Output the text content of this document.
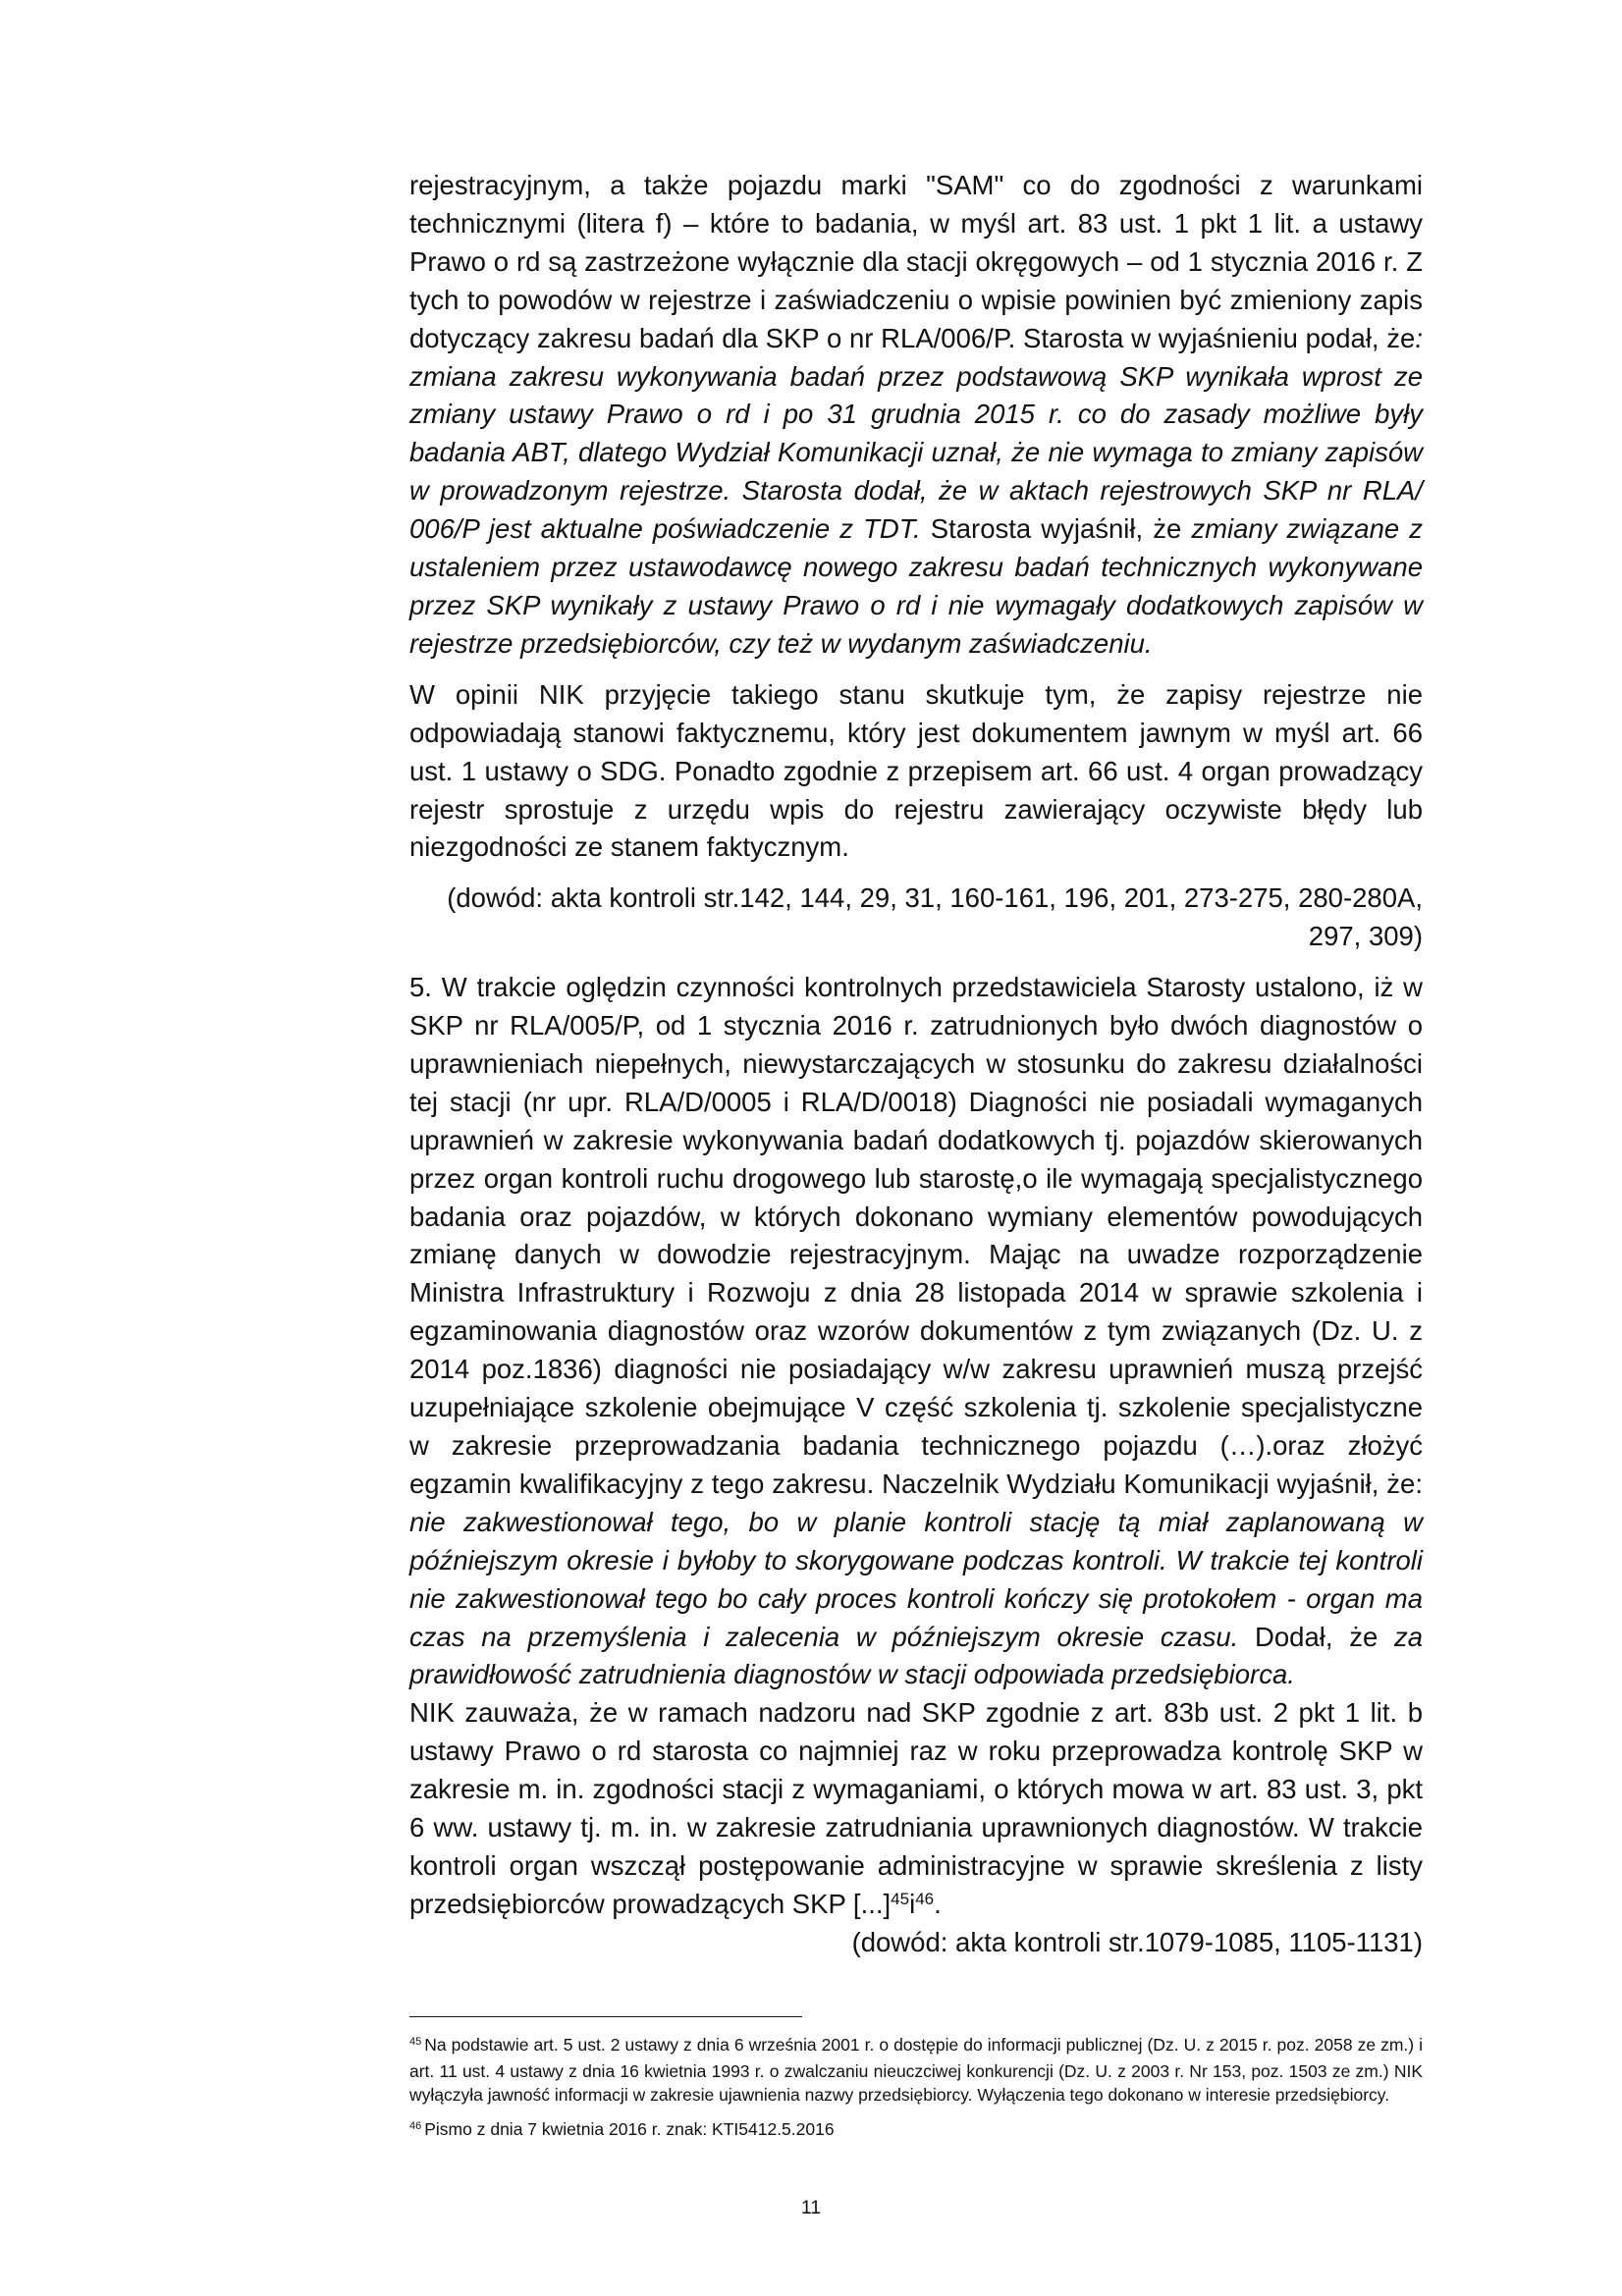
rejestracyjnym, a także pojazdu marki "SAM" co do zgodności z warunkami technicznymi (litera f) – które to badania, w myśl art. 83 ust. 1 pkt 1 lit. a ustawy Prawo o rd są zastrzeżone wyłącznie dla stacji okręgowych – od 1 stycznia 2016 r. Z tych to powodów w rejestrze i zaświadczeniu o wpisie powinien być zmieniony zapis dotyczący zakresu badań dla SKP o nr RLA/006/P. Starosta w wyjaśnieniu podał, że: zmiana zakresu wykonywania badań przez podstawową SKP wynikała wprost ze zmiany ustawy Prawo o rd i po 31 grudnia 2015 r. co do zasady możliwe były badania ABT, dlatego Wydział Komunikacji uznał, że nie wymaga to zmiany zapisów w prowadzonym rejestrze. Starosta dodał, że w aktach rejestrowych SKP nr RLA/ 006/P jest aktualne poświadczenie z TDT. Starosta wyjaśnił, że zmiany związane z ustaleniem przez ustawodawcę nowego zakresu badań technicznych wykonywane przez SKP wynikały z ustawy Prawo o rd i nie wymagały dodatkowych zapisów w rejestrze przedsiębiorców, czy też w wydanym zaświadczeniu.

W opinii NIK przyjęcie takiego stanu skutkuje tym, że zapisy rejestrze nie odpowiadają stanowi faktycznemu, który jest dokumentem jawnym w myśl art. 66 ust. 1 ustawy o SDG. Ponadto zgodnie z przepisem art. 66 ust. 4 organ prowadzący rejestr sprostuje z urzędu wpis do rejestru zawierający oczywiste błędy lub niezgodności ze stanem faktycznym.

(dowód: akta kontroli str.142, 144, 29, 31, 160-161, 196, 201, 273-275, 280-280A, 297, 309)

5. W trakcie oględzin czynności kontrolnych przedstawiciela Starosty ustalono, iż w SKP nr RLA/005/P, od 1 stycznia 2016 r. zatrudnionych było dwóch diagnostów o uprawnieniach niepełnych, niewystarczających w stosunku do zakresu działalności tej stacji (nr upr. RLA/D/0005 i RLA/D/0018) Diagności nie posiadali wymaganych uprawnień w zakresie wykonywania badań dodatkowych tj. pojazdów skierowanych przez organ kontroli ruchu drogowego lub starostę,o ile wymagają specjalistycznego badania oraz pojazdów, w których dokonano wymiany elementów powodujących zmianę danych w dowodzie rejestracyjnym. Mając na uwadze rozporządzenie Ministra Infrastruktury i Rozwoju z dnia 28 listopada 2014 w sprawie szkolenia i egzaminowania diagnostów oraz wzorów dokumentów z tym związanych (Dz. U. z 2014 poz.1836) diagności nie posiadający w/w zakresu uprawnień muszą przejść uzupełniające szkolenie obejmujące V część szkolenia tj. szkolenie specjalistyczne w zakresie przeprowadzania badania technicznego pojazdu (…).oraz złożyć egzamin kwalifikacyjny z tego zakresu. Naczelnik Wydziału Komunikacji wyjaśnił, że: nie zakwestionował tego, bo w planie kontroli stację tą miał zaplanowaną w późniejszym okresie i byłoby to skorygowane podczas kontroli. W trakcie tej kontroli nie zakwestionował tego bo cały proces kontroli kończy się protokołem - organ ma czas na przemyślenia i zalecenia w późniejszym okresie czasu. Dodał, że za prawidłowość zatrudnienia diagnostów w stacji odpowiada przedsiębiorca.

NIK zauważa, że w ramach nadzoru nad SKP zgodnie z art. 83b ust. 2 pkt 1 lit. b ustawy Prawo o rd starosta co najmniej raz w roku przeprowadza kontrolę SKP w zakresie m. in. zgodności stacji z wymaganiami, o których mowa w art. 83 ust. 3, pkt 6 ww. ustawy tj. m. in. w zakresie zatrudniania uprawnionych diagnostów. W trakcie kontroli organ wszczął postępowanie administracyjne w sprawie skreślenia z listy przedsiębiorców prowadzących SKP $[...]^{45}i^{46}$.

(dowód: akta kontroli str.1079-1085, 1105-1131)

$^{45}$ Na podstawie art. 5 ust. 2 ustawy z dnia 6 września 2001 r. o dostępie do informacji publicznej (Dz. U. z 2015 r. poz. 2058 ze zm.) i art. 11 ust. 4 ustawy z dnia 16 kwietnia 1993 r. o zwalczaniu nieuczciwej konkurencji (Dz. U. z 2003 r. Nr 153, poz. 1503 ze zm.) NIK wyłączyła jawność informacji w zakresie ujawnienia nazwy przedsiębiorcy. Wyłączenia tego dokonano w interesie przedsiębiorcy.

$^{46}$ Pismo z dnia 7 kwietnia 2016 r. znak: KTI5412.5.2016

11
